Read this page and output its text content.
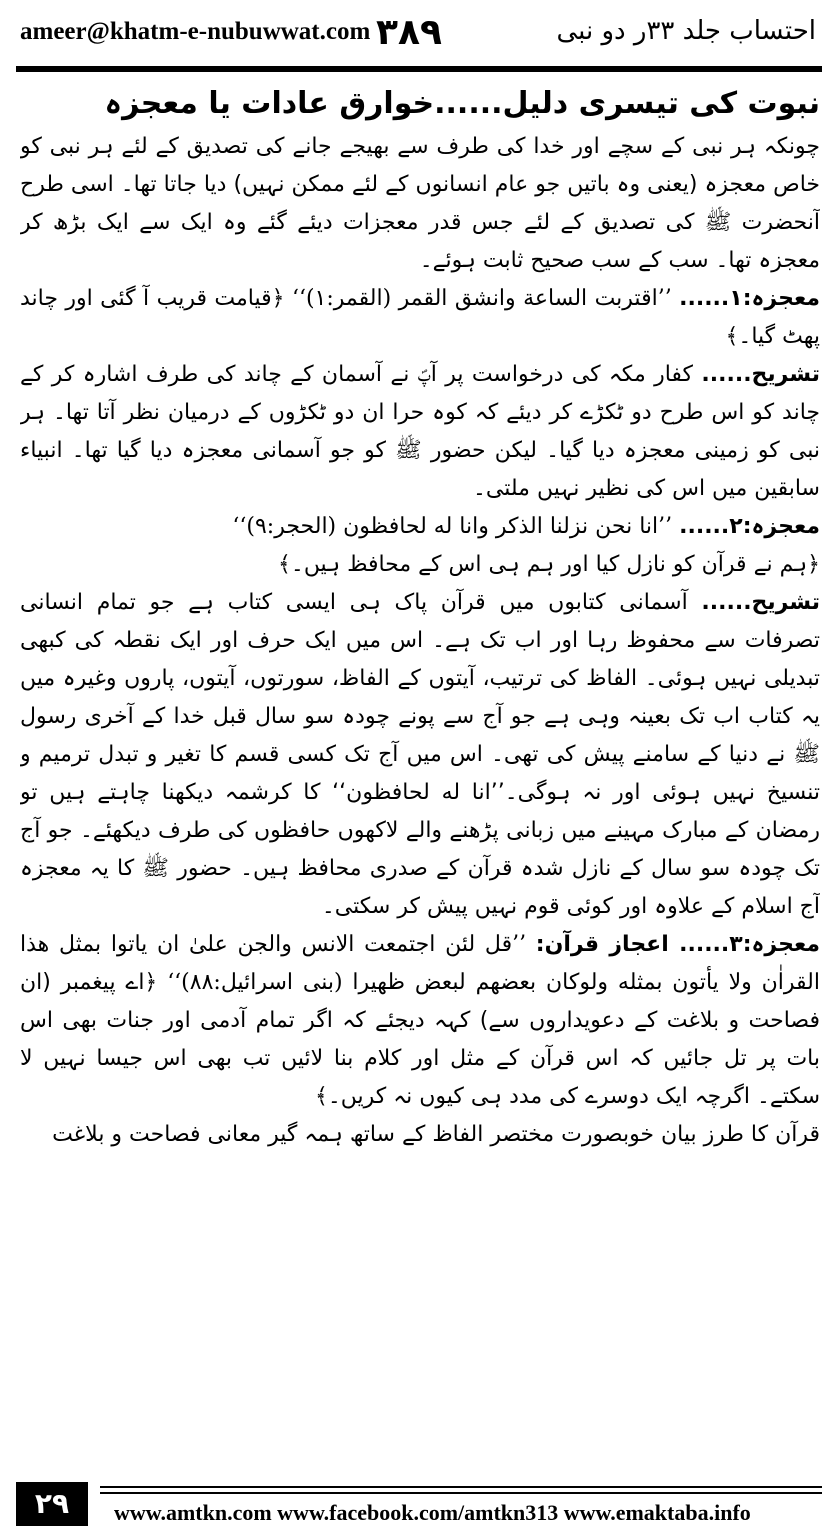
ameer@khatm-e-nubuwwat.com ۳۸۹	احتساب جلد ۳۳ر دو نبی

نبوت کی تیسری دلیل......خوارق عادات یا معجزہ

چونکہ ہر نبی کے سچے اور خدا کی طرف سے بھیجے جانے کی تصدیق کے لئے ہر نبی کو خاص معجزہ (یعنی وہ باتیں جو عام انسانوں کے لئے ممکن نہیں) دیا جاتا تھا۔ اسی طرح آنحضرت ﷺ کی تصدیق کے لئے جس قدر معجزات دیئے گئے وہ ایک سے ایک بڑھ کر معجزہ تھا۔ سب کے سب صحیح ثابت ہوئے۔

معجزہ:۱...... ’’اقتربت الساعة وانشق القمر (القمر:۱)‘‘ ﴿قیامت قریب آ گئی اور چاند پھٹ گیا۔﴾

تشریح...... کفار مکہ کی درخواست پر آپؐ نے آسمان کے چاند کی طرف اشارہ کر کے چاند کو اس طرح دو ٹکڑے کر دیئے کہ کوہ حرا ان دو ٹکڑوں کے درمیان نظر آتا تھا۔ ہر نبی کو زمینی معجزہ دیا گیا۔ لیکن حضور ﷺ کو جو آسمانی معجزہ دیا گیا تھا۔ انبیاء سابقین میں اس کی نظیر نہیں ملتی۔

معجزہ:۲...... ’’انا نحن نزلنا الذکر وانا له لحافظون (الحجر:۹)‘‘

﴿ہم نے قرآن کو نازل کیا اور ہم ہی اس کے محافظ ہیں۔﴾

تشریح...... آسمانی کتابوں میں قرآن پاک ہی ایسی کتاب ہے جو تمام انسانی تصرفات سے محفوظ رہا اور اب تک ہے۔ اس میں ایک حرف اور ایک نقطہ کی کبھی تبدیلی نہیں ہوئی۔ الفاظ کی ترتیب، آیتوں کے الفاظ، سورتوں، آیتوں، پاروں وغیرہ میں یہ کتاب اب تک بعینہ وہی ہے جو آج سے پونے چودہ سو سال قبل خدا کے آخری رسول ﷺ نے دنیا کے سامنے پیش کی تھی۔ اس میں آج تک کسی قسم کا تغیر و تبدل ترمیم و تنسیخ نہیں ہوئی اور نہ ہوگی۔’’انا له لحافظون‘‘ کا کرشمہ دیکھنا چاہتے ہیں تو رمضان کے مبارک مہینے میں زبانی پڑھنے والے لاکھوں حافظوں کی طرف دیکھئے۔ جو آج تک چودہ سو سال کے نازل شدہ قرآن کے صدری محافظ ہیں۔ حضور ﷺ کا یہ معجزہ آج اسلام کے علاوہ اور کوئی قوم نہیں پیش کر سکتی۔

معجزہ:۳...... اعجاز قرآن: ’’قل لئن اجتمعت الانس والجن علیٰ ان یاتوا بمثل هذا القراٰن ولا یأتون بمثله ولوکان بعضهم لبعض ظهیرا (بنی اسرائیل:۸۸)‘‘ ﴿اے پیغمبر (ان فصاحت و بلاغت کے دعویداروں سے) کہہ دیجئے کہ اگر تمام آدمی اور جنات بھی اس بات پر تل جائیں کہ اس قرآن کے مثل اور کلام بنا لائیں تب بھی اس جیسا نہیں لا سکتے۔ اگرچہ ایک دوسرے کی مدد ہی کیوں نہ کریں۔﴾

قرآن کا طرز بیان خوبصورت مختصر الفاظ کے ساتھ ہمہ گیر معانی فصاحت و بلاغت

۲۹	www.amtkn.com www.facebook.com/amtkn313 www.emaktaba.info
